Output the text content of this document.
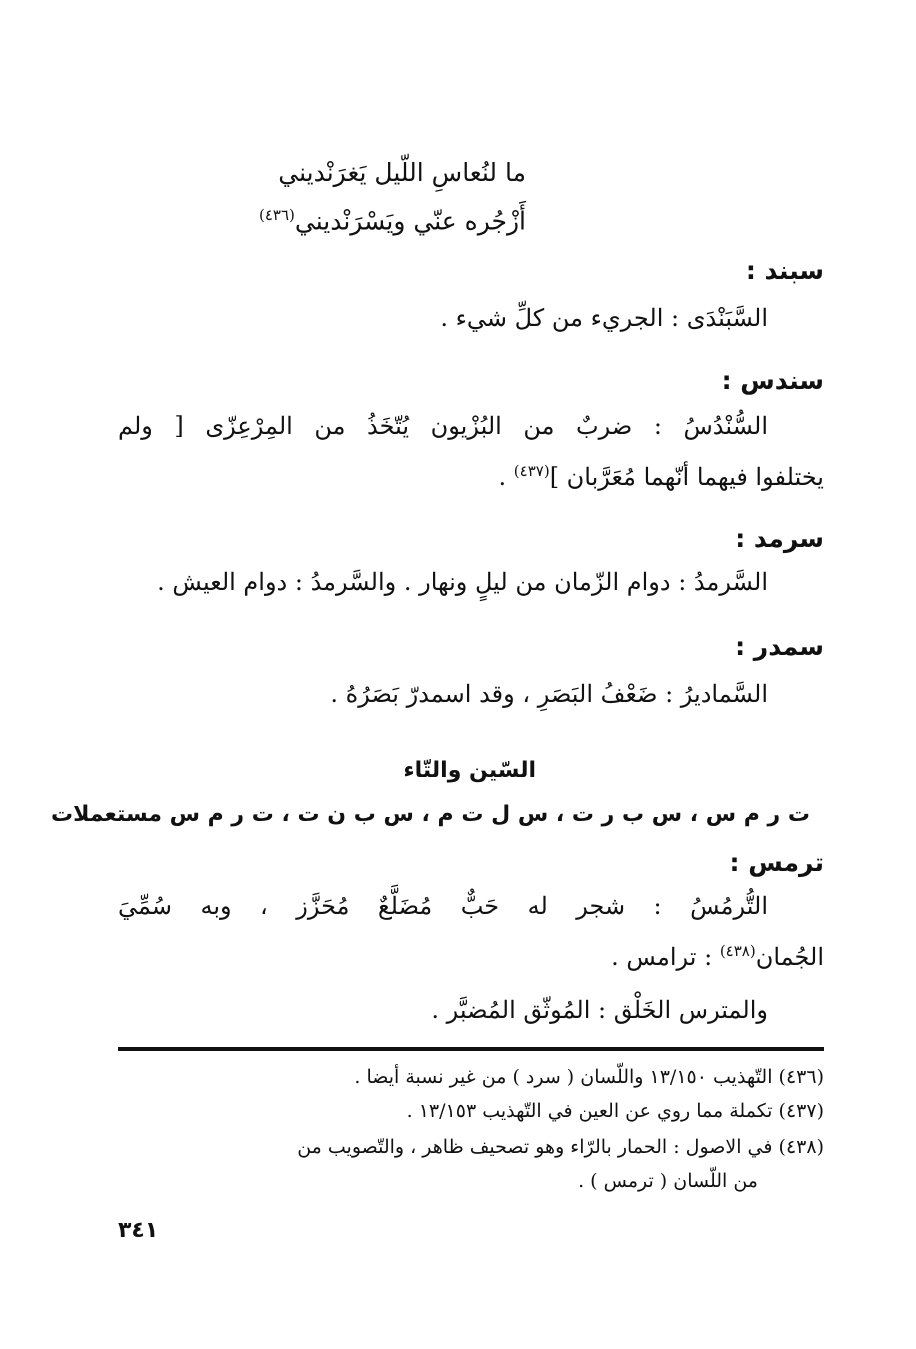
ما لنُعاسِ اللّيل يَغرَنْديني
أَزْجُره عنّي ويَسْرَنْديني$^{(٤٣٦)}$
سبند :
السَّبَنْدَى : الجريء من كلِّ شيء .
سندس :
السُّنْدُسُ : ضربٌ من البُزْيون يُتّخَذُ من المِرْعِزّى [ ولم
يختلفوا فيهما أنّهما مُعَرَّبان ]$^{(٤٣٧)}$ .
سرمد :
السَّرمدُ : دوام الزّمان من ليلٍ ونهار . والسَّرمدُ : دوام العيش .
سمدر :
السَّماديرُ : ضَعْفُ البَصَرِ ، وقد اسمدرّ بَصَرُهُ .
السّين والتّاء
ت ر م س ، س ب ر ت ، س ل ت م ، س ب ن ت ، ت ر م س مستعملات
ترمس :
التُّرمُسُ : شجر له حَبٌّ مُضَلَّعٌ مُحَزَّز ، وبه سُمِّيَ
الجُمان$^{(٤٣٨)}$ : ترامس .
والمترس الخَلْق : المُوثّق المُضبَّر .
(٤٣٦) التّهذيب ١٣/١٥٠ واللّسان ( سرد ) من غير نسبة أيضا .
(٤٣٧) تكملة مما روي عن العين في التّهذيب ١٣/١٥٣ .
(٤٣٨) في الاصول : الحمار بالرّاء وهو تصحيف ظاهر ، والتّصويب من
من اللّسان ( ترمس ) .
٣٤١
